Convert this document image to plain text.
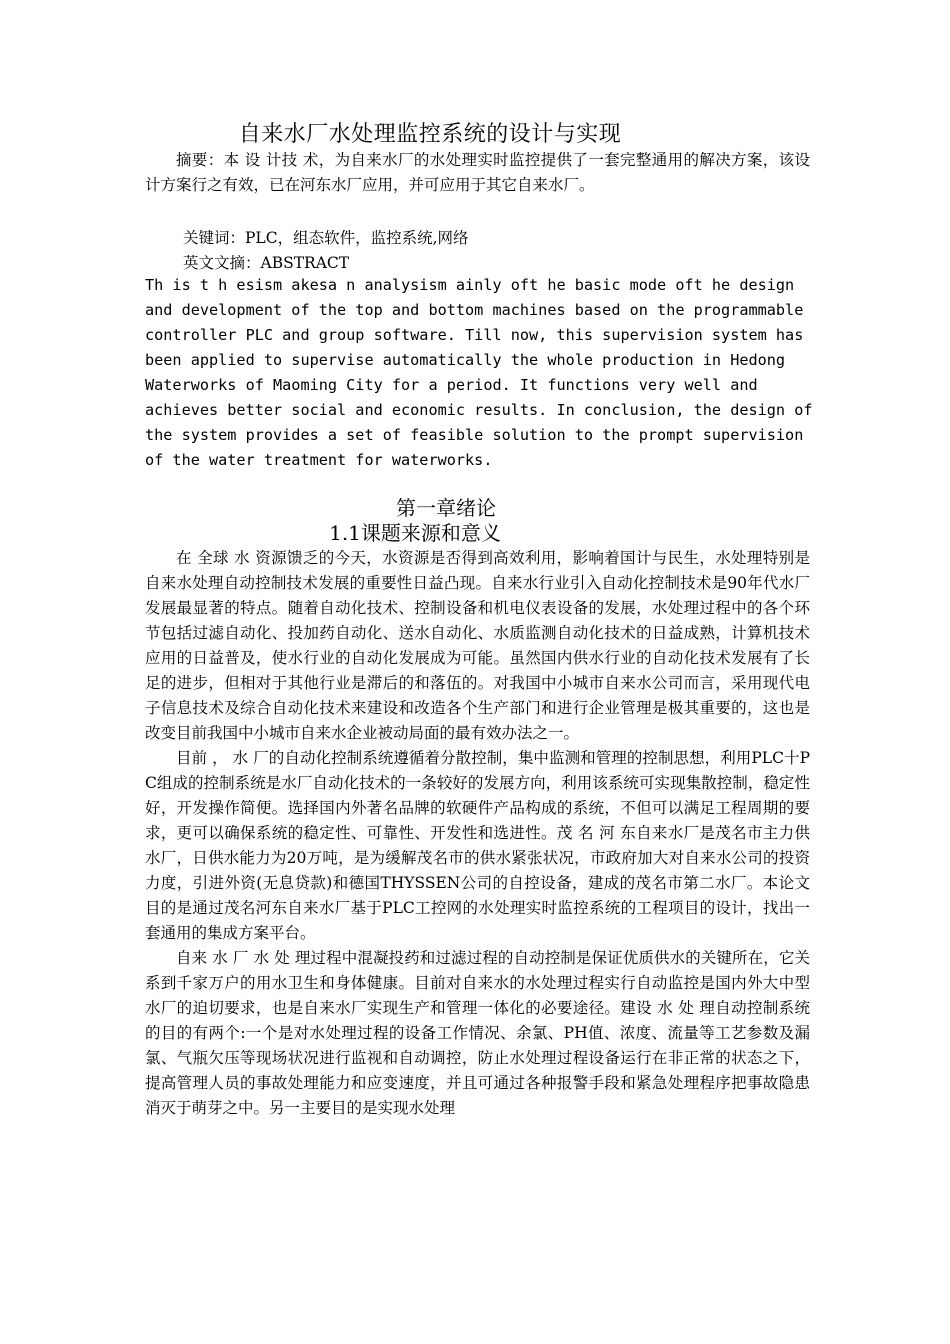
自来水厂水处理监控系统的设计与实现
摘要：本 设 计技 术，为自来水厂的水处理实时监控提供了一套完整通用的解决方案，该设计方案行之有效，已在河东水厂应用，并可应用于其它自来水厂。
关键词：PLC，组态软件，监控系统,网络
英文文摘：ABSTRACT
Th is t h esism akesa n analysism ainly oft he basic mode oft he design and development of the top and bottom machines based on the programmable controller PLC and group software. Till now, this supervision system has been applied to supervise automatically the whole production in Hedong Waterworks of Maoming City for a period. It functions very well and achieves better social and economic results. In conclusion, the design of the system provides a set of feasible solution to the prompt supervision of the water treatment for waterworks.
第一章绪论
1.1课题来源和意义

在 全球 水 资源馈乏的今天，水资源是否得到高效利用，影响着国计与民生，水处理特别是自来水处理自动控制技术发展的重要性日益凸现。自来水行业引入自动化控制技术是90年代水厂发展最显著的特点。随着自动化技术、控制设备和机电仪表设备的发展，水处理过程中的各个环节包括过滤自动化、投加药自动化、送水自动化、水质监测自动化技术的日益成熟，计算机技术应用的日益普及，使水行业的自动化发展成为可能。虽然国内供水行业的自动化技术发展有了长足的进步，但相对于其他行业是滞后的和落伍的。对我国中小城市自来水公司而言，采用现代电子信息技术及综合自动化技术来建设和改造各个生产部门和进行企业管理是极其重要的，这也是改变目前我国中小城市自来水企业被动局面的最有效办法之一。

目前 ， 水 厂的自动化控制系统遵循着分散控制，集中监测和管理的控制思想，利用PLC十PC组成的控制系统是水厂自动化技术的一条较好的发展方向，利用该系统可实现集散控制，稳定性好，开发操作简便。选择国内外著名品牌的软硬件产品构成的系统，不但可以满足工程周期的要求，更可以确保系统的稳定性、可靠性、开发性和选进性。茂 名 河 东自来水厂是茂名市主力供水厂，日供水能力为20万吨，是为缓解茂名市的供水紧张状况，市政府加大对自来水公司的投资力度，引进外资(无息贷款)和德国THYSSEN公司的自控设备，建成的茂名市第二水厂。本论文目的是通过茂名河东自来水厂基于PLC工控网的水处理实时监控系统的工程项目的设计，找出一套通用的集成方案平台。

自来 水 厂 水 处 理过程中混凝投药和过滤过程的自动控制是保证优质供水的关键所在，它关系到千家万户的用水卫生和身体健康。目前对自来水的水处理过程实行自动监控是国内外大中型水厂的迫切要求，也是自来水厂实现生产和管理一体化的必要途径。建设 水 处 理自动控制系统的目的有两个:一个是对水处理过程的设备工作情况、余氯、PH值、浓度、流量等工艺参数及漏氯、气瓶欠压等现场状况进行监视和自动调控，防止水处理过程设备运行在非正常的状态之下，提高管理人员的事故处理能力和应变速度，并且可通过各种报警手段和紧急处理程序把事故隐患消灭于萌芽之中。另一主要目的是实现水处理
